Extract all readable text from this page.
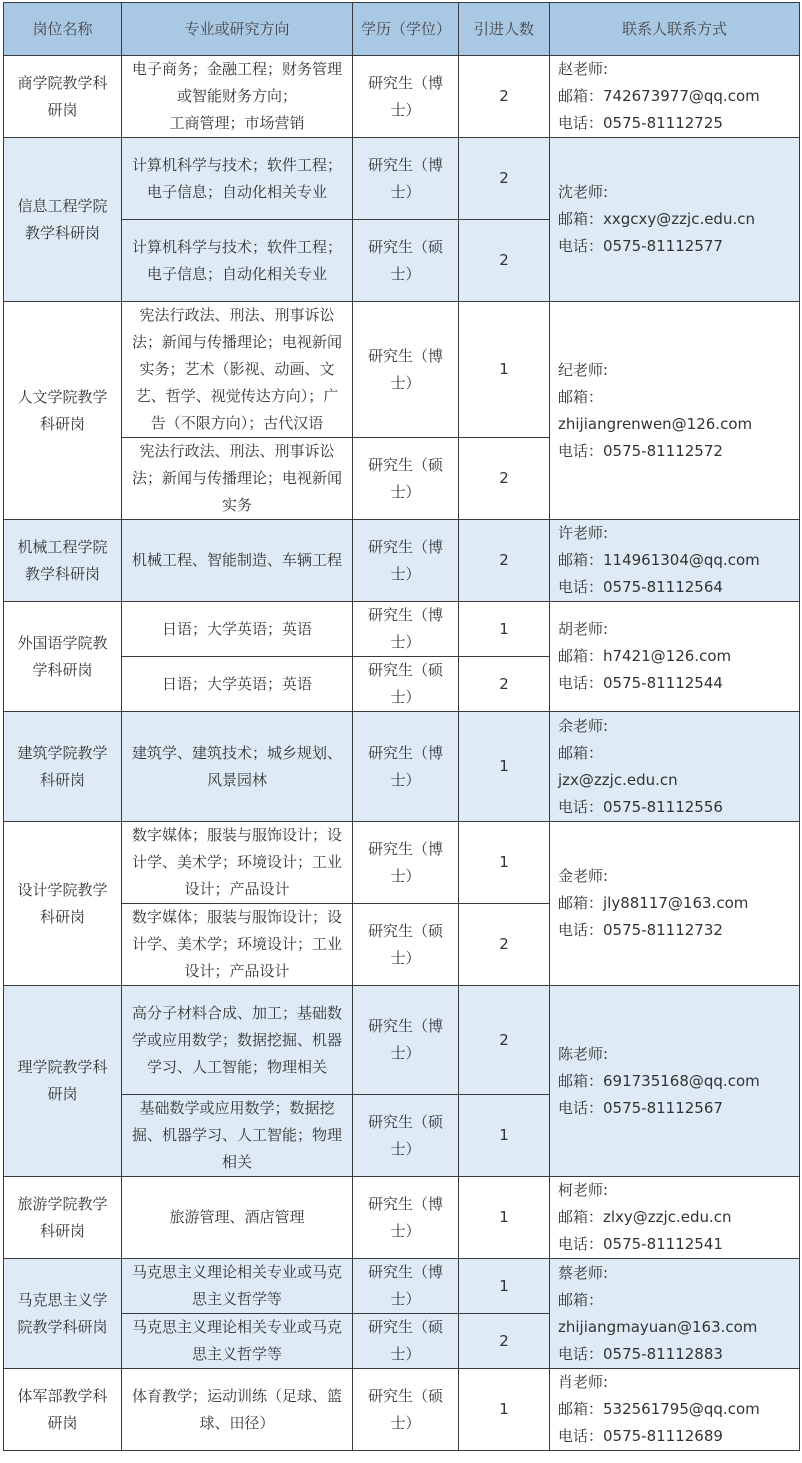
岗位名称	专业或研究方向	学历（学位）	引进人数	联系人联系方式
商学院教学科研岗	电子商务；金融工程；财务管理或智能财务方向；
工商管理；市场营销	研究生（博士）	2	赵老师:
邮箱：742673977@qq.com
电话：0575-81112725

信息工程学院教学科研岗	计算机科学与技术；软件工程；电子信息；自动化相关专业	研究生（博士）	2	沈老师:
邮箱：xxgcxy@zzjc.edu.cn
电话：0575-81112577

	计算机科学与技术；软件工程；电子信息；自动化相关专业	研究生（硕士）	2	
人文学院教学科研岗	宪法行政法、刑法、刑事诉讼法；新闻与传播理论；电视新闻实务；艺术（影视、动画、文艺、哲学、视觉传达方向）；广告（不限方向）；古代汉语	研究生（博士）	1	纪老师:
邮箱：
zhijiangrenwen@126.com
电话：0575-81112572

	宪法行政法、刑法、刑事诉讼法；新闻与传播理论；电视新闻实务	研究生（硕士）	2	
机械工程学院教学科研岗	机械工程、智能制造、车辆工程	研究生（博士）	2	许老师:
邮箱：114961304@qq.com
电话：0575-81112564

外国语学院教学科研岗	日语；大学英语；英语	研究生（博士）	1	胡老师:
邮箱：h7421@126.com
电话：0575-81112544

	日语；大学英语；英语	研究生（硕士）	2	
建筑学院教学科研岗	建筑学、建筑技术；城乡规划、风景园林	研究生（博士）	1	余老师:
邮箱：
jzx@zzjc.edu.cn
电话：0575-81112556

设计学院教学科研岗	数字媒体；服装与服饰设计；设计学、美术学；环境设计；工业设计；产品设计	研究生（博士）	1	金老师:
邮箱：jly88117@163.com
电话：0575-81112732

	数字媒体；服装与服饰设计；设计学、美术学；环境设计；工业设计；产品设计	研究生（硕士）	2	
理学院教学科研岗	高分子材料合成、加工；基础数学或应用数学；数据挖掘、机器学习、人工智能；物理相关	研究生（博士）	2	陈老师:
邮箱：691735168@qq.com
电话：0575-81112567

	基础数学或应用数学；数据挖掘、机器学习、人工智能；物理相关	研究生（硕士）	1	
旅游学院教学科研岗	旅游管理、酒店管理	研究生（博士）	1	柯老师:
邮箱：zlxy@zzjc.edu.cn
电话：0575-81112541

马克思主义学院教学科研岗	马克思主义理论相关专业或马克思主义哲学等	研究生（博士）	1	蔡老师:
邮箱：
zhijiangmayuan@163.com
电话：0575-81112883

	马克思主义理论相关专业或马克思主义哲学等	研究生（硕士）	2	
体军部教学科研岗	体育教学；运动训练（足球、篮球、田径）	研究生（硕士）	1	肖老师:
邮箱：532561795@qq.com
电话：0575-81112689
